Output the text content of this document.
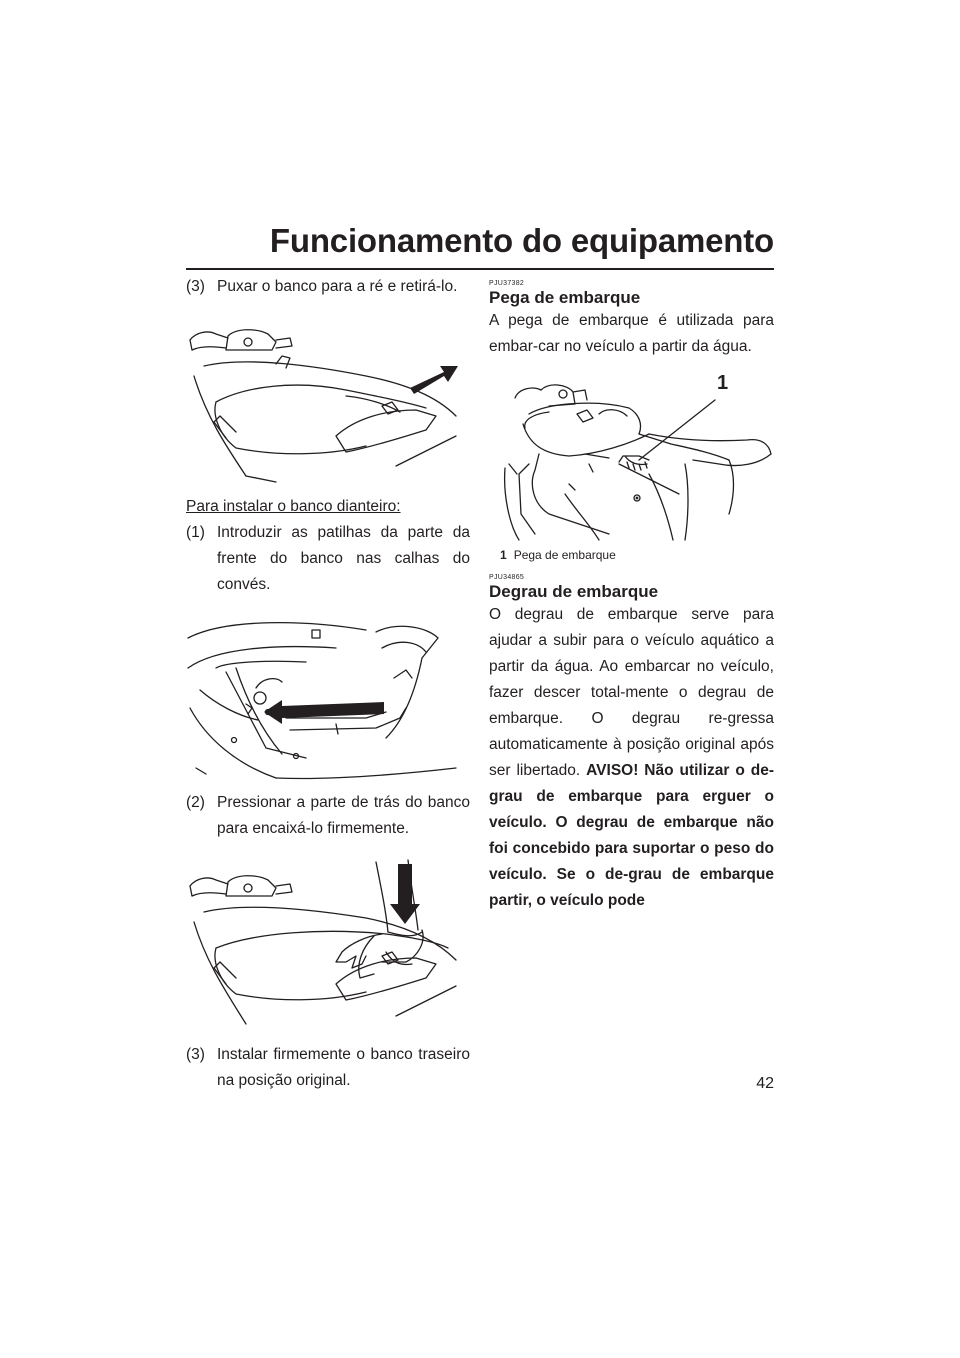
Funcionamento do equipamento
(3) Puxar o banco para a ré e retirá-lo.
Para instalar o banco dianteiro:
(1) Introduzir as patilhas da parte da frente do banco nas calhas do convés.
(2) Pressionar a parte de trás do banco para encaixá-lo firmemente.
(3) Instalar firmemente o banco traseiro na posição original.
PJU37382
Pega de embarque
A pega de embarque é utilizada para embar-car no veículo a partir da água.
1
1 Pega de embarque
PJU34865
Degrau de embarque
O degrau de embarque serve para ajudar a subir para o veículo aquático a partir da água. Ao embarcar no veículo, fazer descer total-mente o degrau de embarque. O degrau re-gressa automaticamente à posição original após ser libertado. AVISO! Não utilizar o de-grau de embarque para erguer o veículo. O degrau de embarque não foi concebido para suportar o peso do veículo. Se o de-grau de embarque partir, o veículo pode
42
